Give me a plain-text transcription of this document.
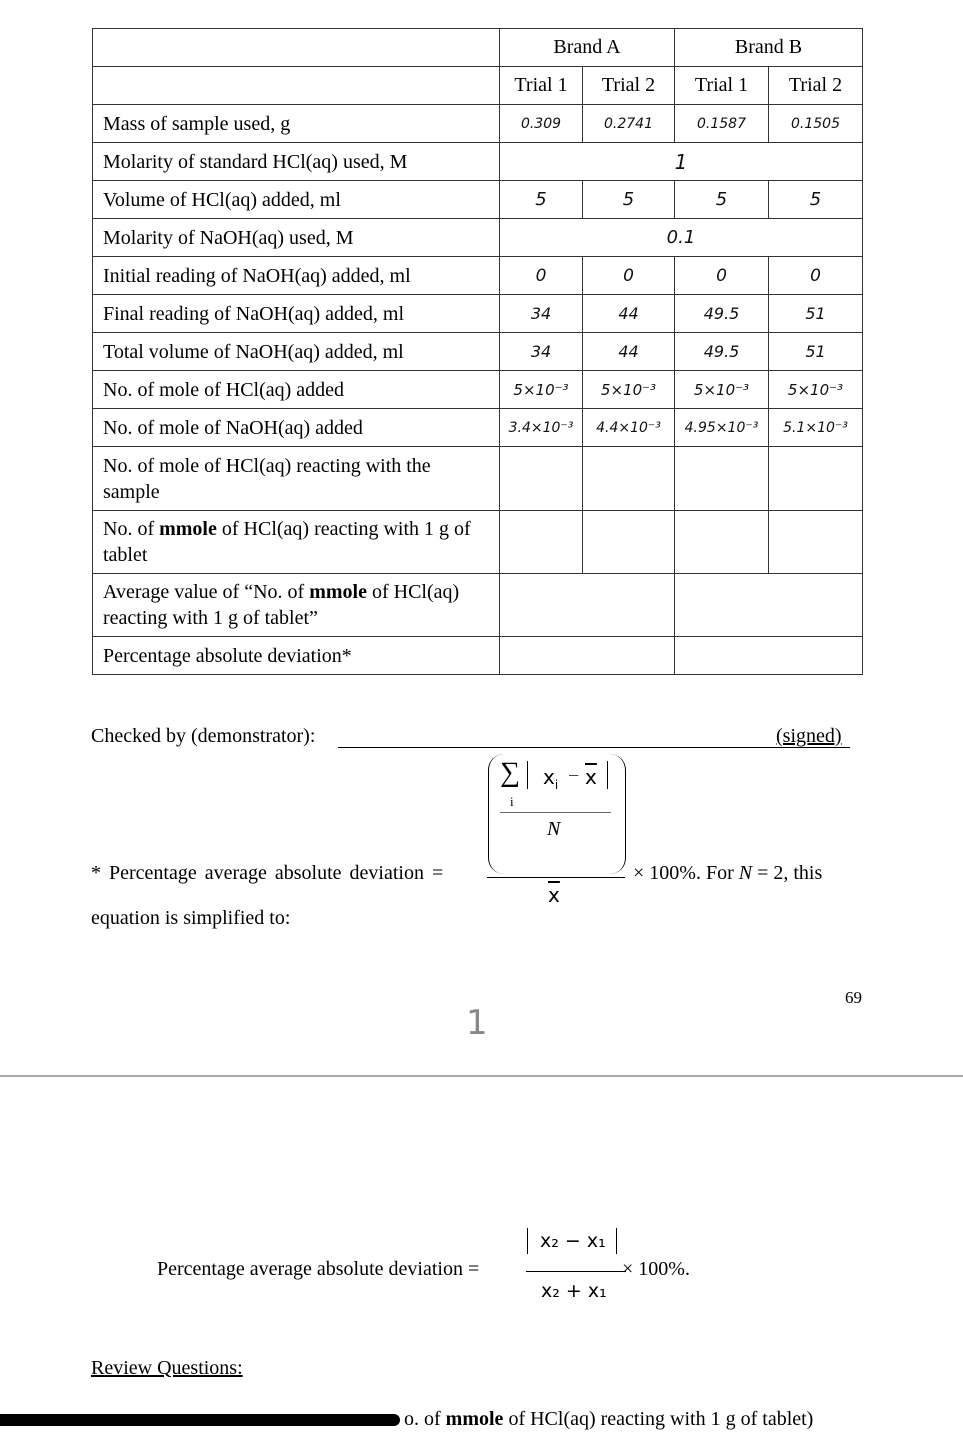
	Brand A		Brand B	
	Trial 1	Trial 2	Trial 1	Trial 2
Mass of sample used, g	0.309	0.2741	0.1587	0.1505
Molarity of standard HCl(aq) used, M	1			
Volume of HCl(aq) added, ml	5	5	5	5
Molarity of NaOH(aq) used, M	0.1			
Initial reading of NaOH(aq) added, ml	0	0	0	0
Final reading of NaOH(aq) added, ml	34	44	49.5	51
Total volume of NaOH(aq) added, ml	34	44	49.5	51
No. of mole of HCl(aq) added	5×10⁻³	5×10⁻³	5×10⁻³	5×10⁻³
No. of mole of NaOH(aq) added	3.4×10⁻³	4.4×10⁻³	4.95×10⁻³	5.1×10⁻³
No. of mole of HCl(aq) reacting with the sample				
No. of mmole of HCl(aq) reacting with 1 g of tablet				
Average value of “No. of mmole of HCl(aq) reacting with 1 g of tablet”				
Percentage absolute deviation*				
Checked by (demonstrator):	(signed)
* Percentage average absolute deviation =
∑
i
$x_i - \overline{x}$
N
$\overline{x}$
× 100%. For N = 2, this
equation is simplified to:
69
1
Percentage average absolute deviation =
x₂ − x₁
x₂ + x₁
× 100%.
Review Questions:
o. of mmole of HCl(aq) reacting with 1 g of tablet)
